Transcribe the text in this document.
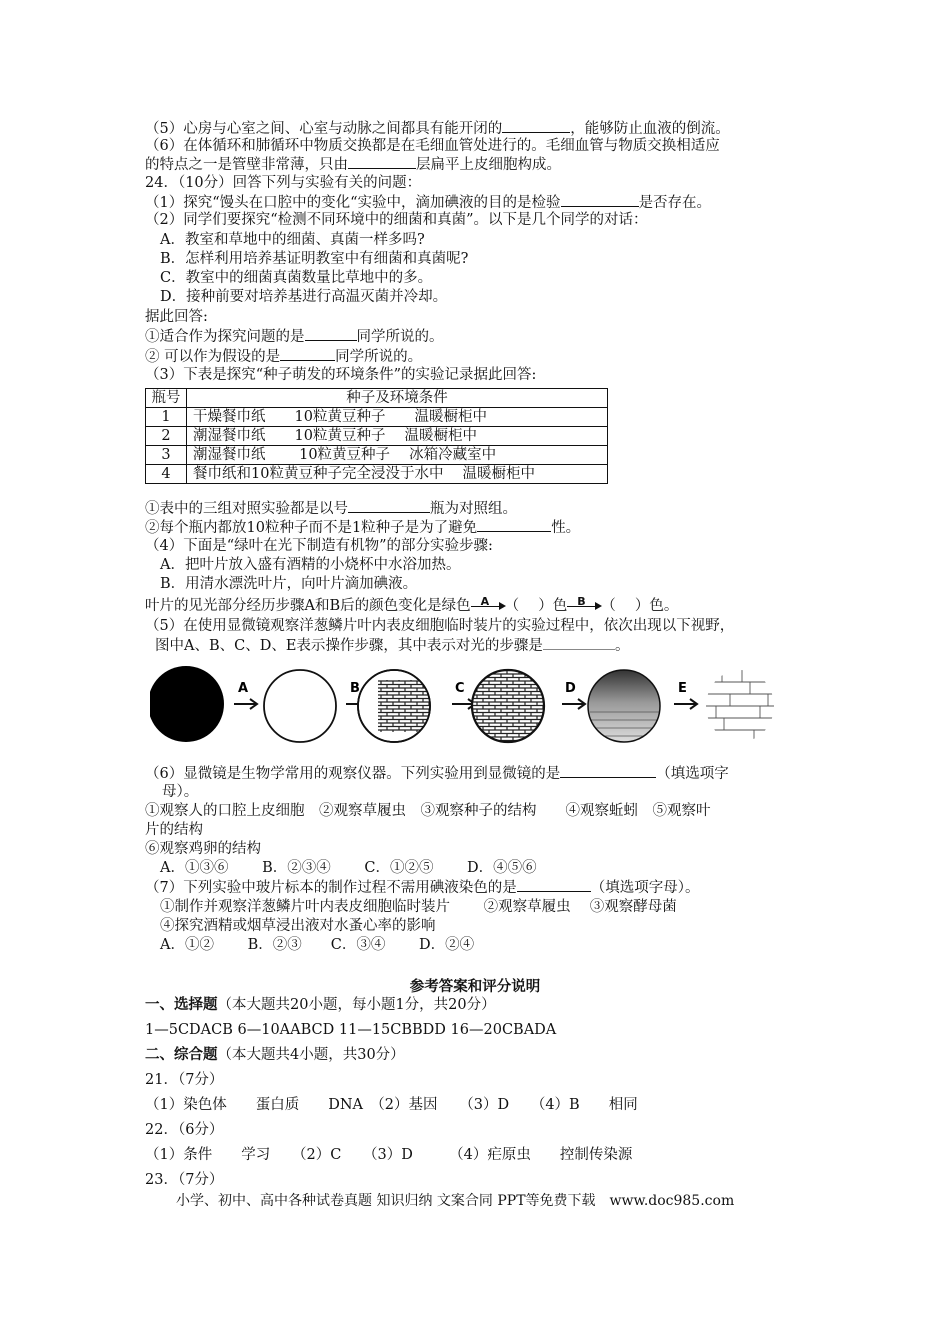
（5）心房与心室之间、心室与动脉之间都具有能开闭的	，能够防止血液的倒流。
（6）在体循环和肺循环中物质交换都是在毛细血管处进行的。毛细血管与物质交换相适应
的特点之一是管壁非常薄，只由	层扁平上皮细胞构成。
24．（10分）回答下列与实验有关的问题：
（1）探究“馒头在口腔中的变化“实验中，滴加碘液的目的是检验	是否存在。
（2）同学们要探究“检测不同环境中的细菌和真菌”。以下是几个同学的对话：
A．教室和草地中的细菌、真菌一样多吗?
B．怎样利用培养基证明教室中有细菌和真菌呢?
C．教室中的细菌真菌数量比草地中的多。
D．接种前要对培养基进行高温灭菌并冷却。
据此回答:
①适合作为探究问题的是	同学所说的。
② 可以作为假设的是	同学所说的。
（3）下表是探究“种子萌发的环境条件”的实验记录据此回答:
瓶号	种子及环境条件
1	干燥餐巾纸　　10粒黄豆种子　　温暖橱柜中
2	潮湿餐巾纸　　10粒黄豆种子　 温暖橱柜中
3	潮湿餐巾纸　　 10粒黄豆种子　 冰箱冷藏室中
4	餐巾纸和10粒黄豆种子完全浸没于水中　 温暖橱柜中
①表中的三组对照实验都是以号	瓶为对照组。
②每个瓶内都放10粒种子而不是1粒种子是为了避免	性。
（4）下面是“绿叶在光下制造有机物”的部分实验步骤:
A．把叶片放入盛有酒精的小烧杯中水浴加热。
B．用清水漂洗叶片，向叶片滴加碘液。
叶片的见光部分经历步骤A和B后的颜色变化是绿色 A （　 ）色 B （　 ）色。
（5）在使用显微镜观察洋葱鳞片叶内表皮细胞临时装片的实验过程中，依次出现以下视野，
图中A、B、C、D、E表示操作步骤，其中表示对光的步骤是	。
A	B	C	D	E
（6）显微镜是生物学常用的观察仪器。下列实验用到显微镜的是	（填选项字
母）。
①观察人的口腔上皮细胞　②观察草履虫　③观察种子的结构　　④观察蚯蚓　⑤观察叶
片的结构
⑥观察鸡卵的结构
A．①③⑥　　 B．②③④　　 C．①②⑤　　 D．④⑤⑥
（7）下列实验中玻片标本的制作过程不需用碘液染色的是	（填选项字母）。
①制作并观察洋葱鳞片叶内表皮细胞临时装片　　 ②观察草履虫　 ③观察酵母菌
④探究酒精或烟草浸出液对水蚤心率的影响
A．①②　　 B．②③　　C．③④　　 D．②④
参考答案和评分说明
一、选择题（本大题共20小题，每小题1分，共20分）
1—5CDACB 6—10AABCD 11—15CBBDD 16—20CBADA
二、综合题（本大题共4小题，共30分）
21．（7分）
（1）染色体　　蛋白质　　DNA　（2）基因　　（3）D　　（4）B　　相同
22．（6分）
（1）条件　　学习　　（2）C　　（3）D　　　（4）疟原虫　　控制传染源
23．（7分）
小学、初中、高中各种试卷真题 知识归纳 文案合同 PPT等免费下载　www.doc985.com
